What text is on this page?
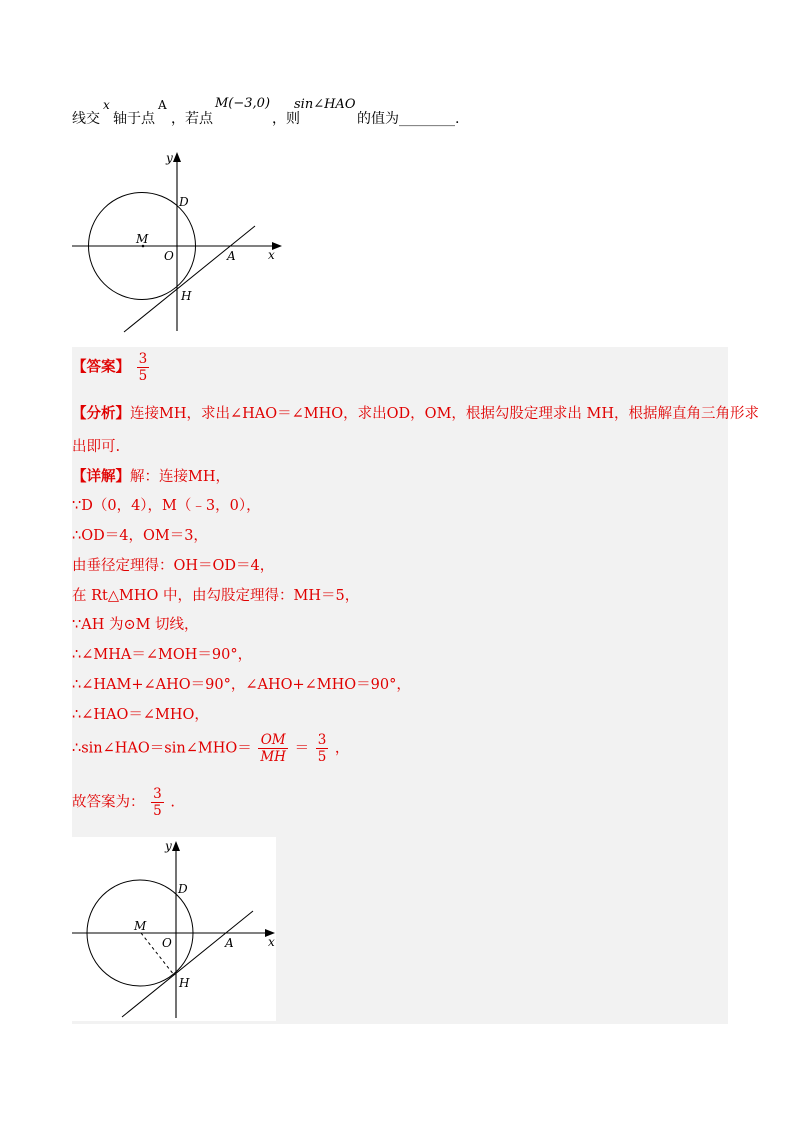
线交
x
轴于点
A
，若点
M(−3,0)
，则
sin∠HAO
的值为________.
y
x
D
M
O	A
H
【答案】 $\frac{3}{5}$
【分析】连接MH，求出∠HAO＝∠MHO，求出OD，OM，根据勾股定理求出 MH，根据解直角三角形求
出即可.
【详解】解：连接MH，
∵D（0，4），M（﹣3，0），
∴OD＝4，OM＝3，
由垂径定理得：OH＝OD＝4，
在 Rt△MHO 中，由勾股定理得：MH＝5，
∵AH 为⊙M 切线，
∴∠MHA＝∠MOH＝90°，
∴∠HAM+∠AHO＝90°，∠AHO+∠MHO＝90°，
∴∠HAO＝∠MHO，
∴sin∠HAO＝sin∠MHO＝ $\frac{OM}{MH} = \frac{3}{5}$ ，
故答案为： $\frac{3}{5}$ .
y
x
D
M
O	A
H
